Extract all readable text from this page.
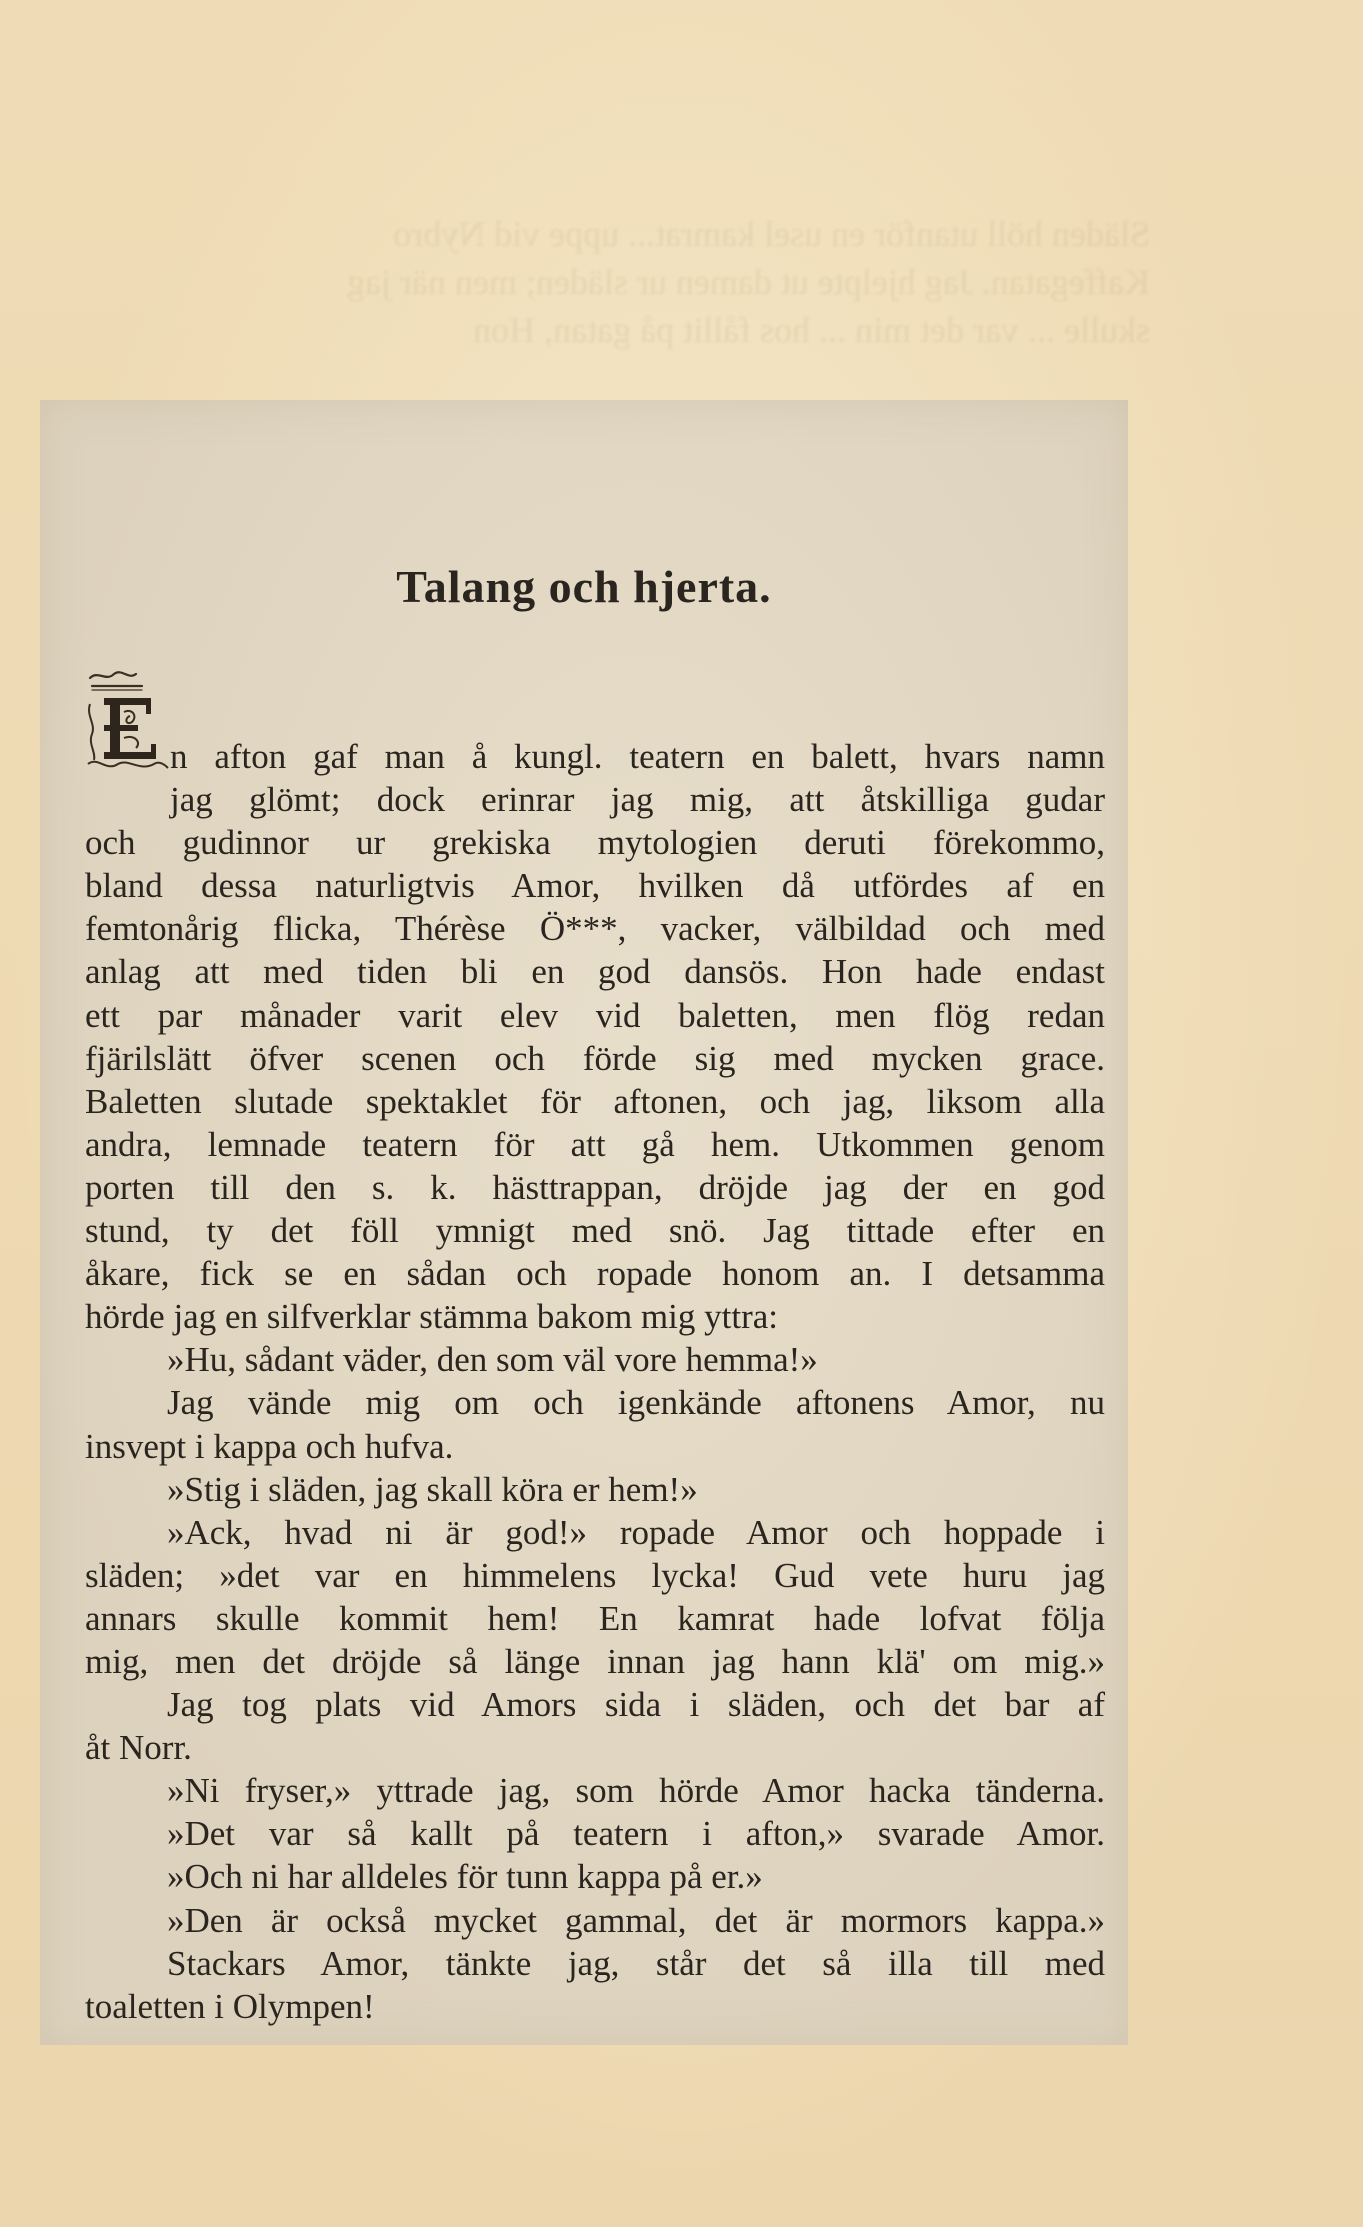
Släden höll utanför en usel kamrat... uppe vid Nybro
Kaffegatan. Jag hjelpte ut damen ur släden; men när jag
skulle ... var det min ... hos fållit på gatan, Hon
Talang och hjerta.

n afton gaf man å kungl. teatern en balett, hvars namn

jag glömt; dock erinrar jag mig, att åtskilliga gudar

och gudinnor ur grekiska mytologien deruti förekommo,

bland dessa naturligtvis Amor, hvilken då utfördes af en

femtonårig flicka, Thérèse Ö***, vacker, välbildad och med

anlag att med tiden bli en god dansös. Hon hade endast

ett par månader varit elev vid baletten, men flög redan

fjärilslätt öfver scenen och förde sig med mycken grace.

Baletten slutade spektaklet för aftonen, och jag, liksom alla

andra, lemnade teatern för att gå hem. Utkommen genom

porten till den s. k. hästtrappan, dröjde jag der en god

stund, ty det föll ymnigt med snö. Jag tittade efter en

åkare, fick se en sådan och ropade honom an. I detsamma

hörde jag en silfverklar stämma bakom mig yttra:

»Hu, sådant väder, den som väl vore hemma!»

Jag vände mig om och igenkände aftonens Amor, nu

insvept i kappa och hufva.

»Stig i släden, jag skall köra er hem!»

»Ack, hvad ni är god!» ropade Amor och hoppade i

släden; »det var en himmelens lycka! Gud vete huru jag

annars skulle kommit hem! En kamrat hade lofvat följa

mig, men det dröjde så länge innan jag hann klä' om mig.»

Jag tog plats vid Amors sida i släden, och det bar af

åt Norr.

»Ni fryser,» yttrade jag, som hörde Amor hacka tänderna.

»Det var så kallt på teatern i afton,» svarade Amor.

»Och ni har alldeles för tunn kappa på er.»

»Den är också mycket gammal, det är mormors kappa.»

Stackars Amor, tänkte jag, står det så illa till med

toaletten i Olympen!
